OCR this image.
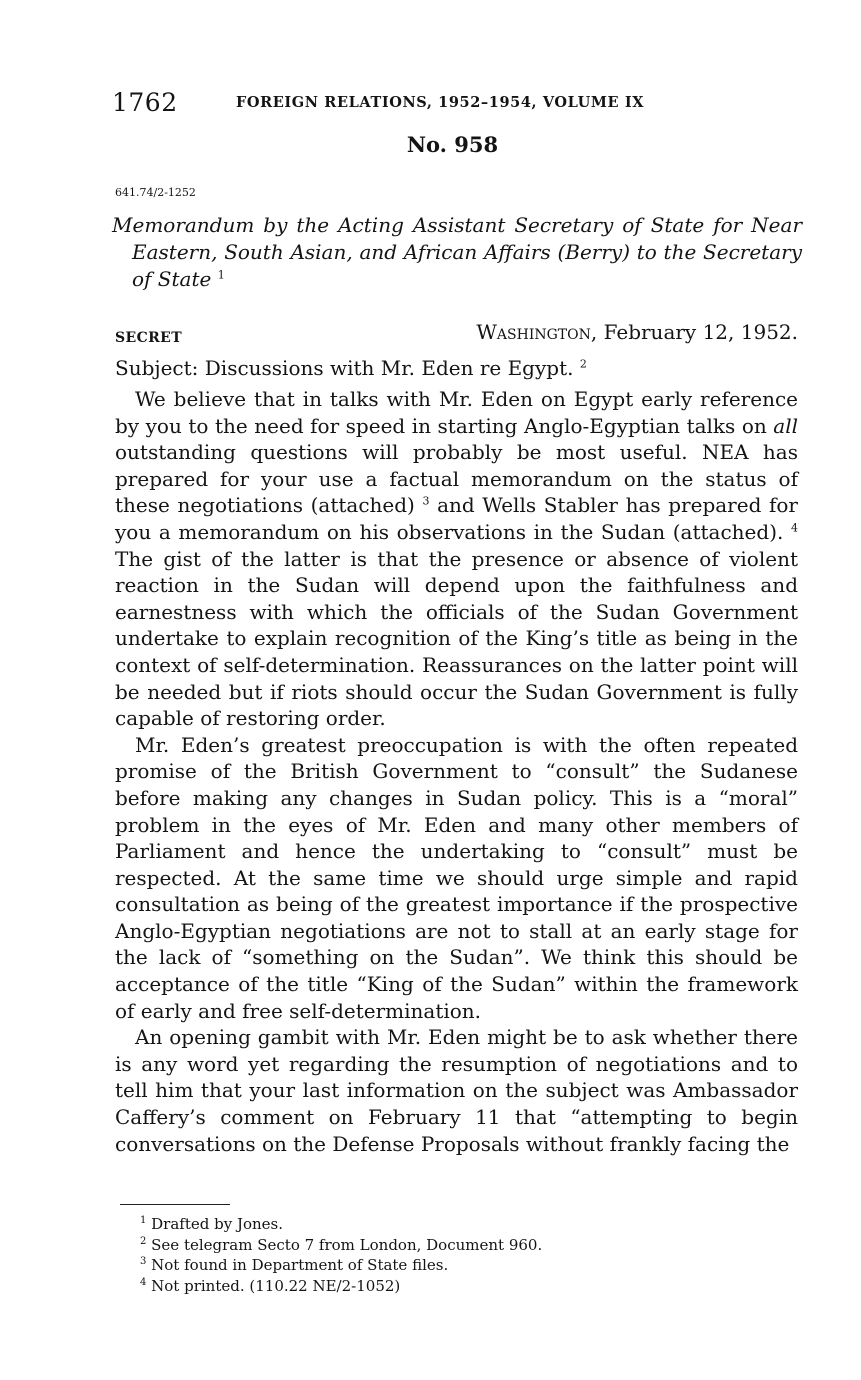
1762	FOREIGN RELATIONS, 1952–1954, VOLUME IX
No. 958
641.74/2-1252
Memorandum by the Acting Assistant Secretary of State for Near Eastern, South Asian, and African Affairs (Berry) to the Secretary of State $^1$
SECRET	Washington, February 12, 1952.
Subject: Discussions with Mr. Eden re Egypt. $^2$

We believe that in talks with Mr. Eden on Egypt early reference by you to the need for speed in starting Anglo-Egyptian talks on all outstanding questions will probably be most useful. NEA has prepared for your use a factual memorandum on the status of these negotiations (attached) $^3$ and Wells Stabler has prepared for you a memorandum on his observations in the Sudan (attached). $^4$ The gist of the latter is that the presence or absence of violent reaction in the Sudan will depend upon the faithfulness and earnestness with which the officials of the Sudan Government undertake to explain recognition of the King’s title as being in the context of self-determination. Reassurances on the latter point will be needed but if riots should occur the Sudan Government is fully capable of restoring order.

Mr. Eden’s greatest preoccupation is with the often repeated promise of the British Government to “consult” the Sudanese before making any changes in Sudan policy. This is a “moral” problem in the eyes of Mr. Eden and many other members of Parliament and hence the undertaking to “consult” must be respected. At the same time we should urge simple and rapid consultation as being of the greatest importance if the prospective Anglo-Egyptian negotiations are not to stall at an early stage for the lack of “something on the Sudan”. We think this should be acceptance of the title “King of the Sudan” within the framework of early and free self-determination.

An opening gambit with Mr. Eden might be to ask whether there is any word yet regarding the resumption of negotiations and to tell him that your last information on the subject was Ambassador Caffery’s comment on February 11 that “attempting to begin conversations on the Defense Proposals without frankly facing the

$^1$ Drafted by Jones.
$^2$ See telegram Secto 7 from London, Document 960.
$^3$ Not found in Department of State files.
$^4$ Not printed. (110.22 NE/2-1052)
